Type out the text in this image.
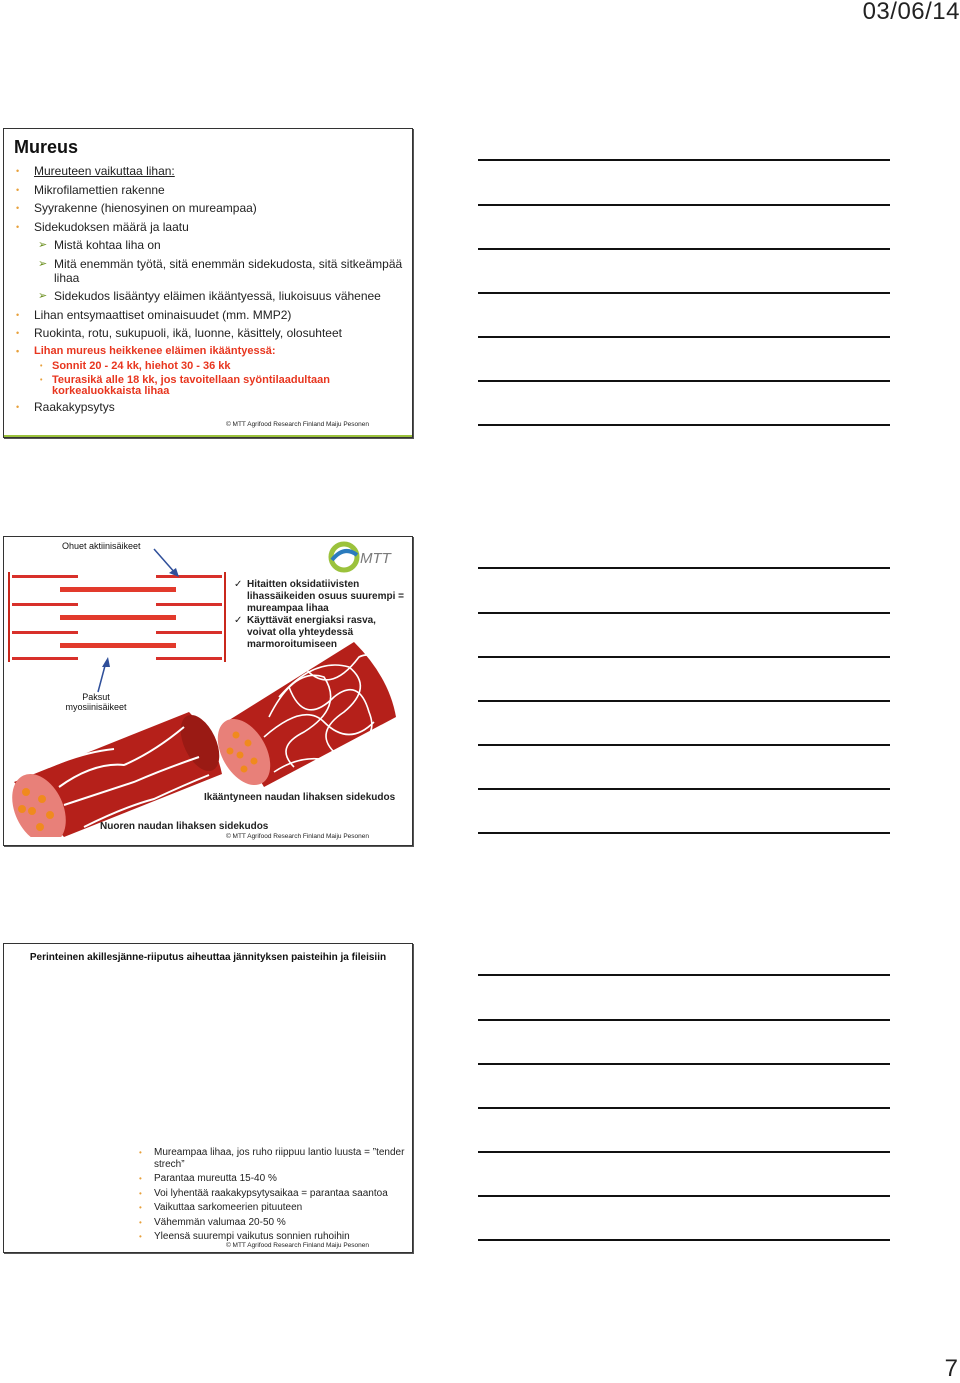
03/06/14
Mureus
• Mureuteen vaikuttaa lihan:
• Mikrofilamettien rakenne
• Syyrakenne (hienosyinen on mureampaa)
• Sidekudoksen määrä ja laatu
➢ Mistä kohtaa liha on
➢ Mitä enemmän työtä, sitä enemmän sidekudosta, sitä sitkeämpää lihaa
➢ Sidekudos lisääntyy eläimen ikääntyessä, liukoisuus vähenee
• Lihan entsymaattiset ominaisuudet (mm. MMP2)
• Ruokinta, rotu, sukupuoli, ikä, luonne, käsittely, olosuhteet
• Lihan mureus heikkenee eläimen ikääntyessä:
• Sonnit 20 - 24 kk, hiehot 30 - 36 kk
• Teurasikä alle 18 kk, jos tavoitellaan syöntilaadultaan korkealuokkaista lihaa
• Raakakypsytys
© MTT Agrifood Research Finland Maiju Pesonen
Ohuet aktiinisäikeet
Paksut myosiinisäikeet
MTT
✓ Hitaitten oksidatiivisten lihassäikeiden osuus suurempi = mureampaa lihaa
✓ Käyttävät energiaksi rasva, voivat olla yhteydessä marmoroitumiseen
Ikääntyneen naudan lihaksen sidekudos
Nuoren naudan lihaksen sidekudos
© MTT Agrifood Research Finland Maiju Pesonen
Perinteinen akillesjänne-riiputus aiheuttaa jännityksen paisteihin ja fileisiin
• Mureampaa lihaa, jos ruho riippuu lantio luusta = ”tender strech”
• Parantaa mureutta 15-40 %
• Voi lyhentää raakakypsytysaikaa = parantaa saantoa
• Vaikuttaa sarkomeerien pituuteen
• Vähemmän valumaa 20-50 %
• Yleensä suurempi vaikutus sonnien ruhoihin
© MTT Agrifood Research Finland Maiju Pesonen
7
